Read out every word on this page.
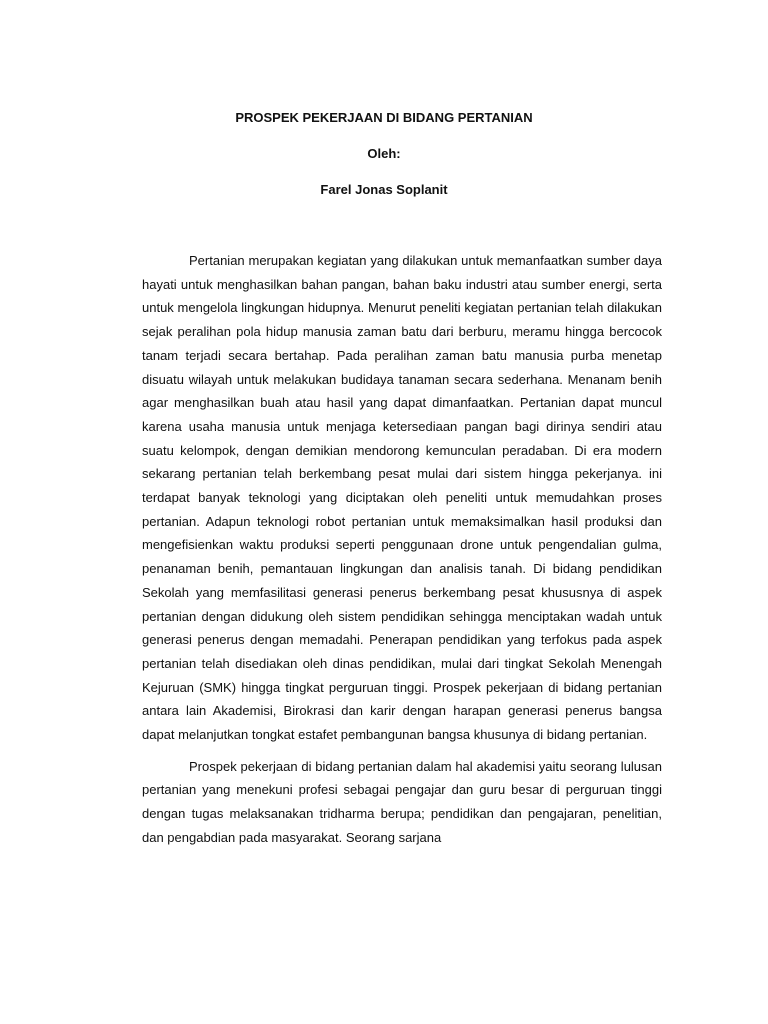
PROSPEK PEKERJAAN DI BIDANG PERTANIAN
Oleh:
Farel Jonas Soplanit

Pertanian merupakan kegiatan yang dilakukan untuk memanfaatkan sumber daya hayati untuk menghasilkan bahan pangan, bahan baku industri atau sumber energi, serta untuk mengelola lingkungan hidupnya. Menurut peneliti kegiatan pertanian telah dilakukan sejak peralihan pola hidup manusia zaman batu dari berburu, meramu hingga bercocok tanam terjadi secara bertahap. Pada peralihan zaman batu manusia purba menetap disuatu wilayah untuk melakukan budidaya tanaman secara sederhana. Menanam benih agar menghasilkan buah atau hasil yang dapat dimanfaatkan. Pertanian dapat muncul karena usaha manusia untuk menjaga ketersediaan pangan bagi dirinya sendiri atau suatu kelompok, dengan demikian mendorong kemunculan peradaban. Di era modern sekarang pertanian telah berkembang pesat mulai dari sistem hingga pekerjanya. ini terdapat banyak teknologi yang diciptakan oleh peneliti untuk memudahkan proses pertanian. Adapun teknologi robot pertanian untuk memaksimalkan hasil produksi dan mengefisienkan waktu produksi seperti penggunaan drone untuk pengendalian gulma, penanaman benih, pemantauan lingkungan dan analisis tanah. Di bidang pendidikan Sekolah yang memfasilitasi generasi penerus berkembang pesat khususnya di aspek pertanian dengan didukung oleh sistem pendidikan sehingga menciptakan wadah untuk generasi penerus dengan memadahi. Penerapan pendidikan yang terfokus pada aspek pertanian telah disediakan oleh dinas pendidikan, mulai dari tingkat Sekolah Menengah Kejuruan (SMK) hingga tingkat perguruan tinggi. Prospek pekerjaan di bidang pertanian antara lain Akademisi, Birokrasi dan karir dengan harapan generasi penerus bangsa dapat melanjutkan tongkat estafet pembangunan bangsa khusunya di bidang pertanian.

Prospek pekerjaan di bidang pertanian dalam hal akademisi yaitu seorang lulusan pertanian yang menekuni profesi sebagai pengajar dan guru besar di perguruan tinggi dengan tugas melaksanakan tridharma berupa; pendidikan dan pengajaran, penelitian, dan pengabdian pada masyarakat. Seorang sarjana
